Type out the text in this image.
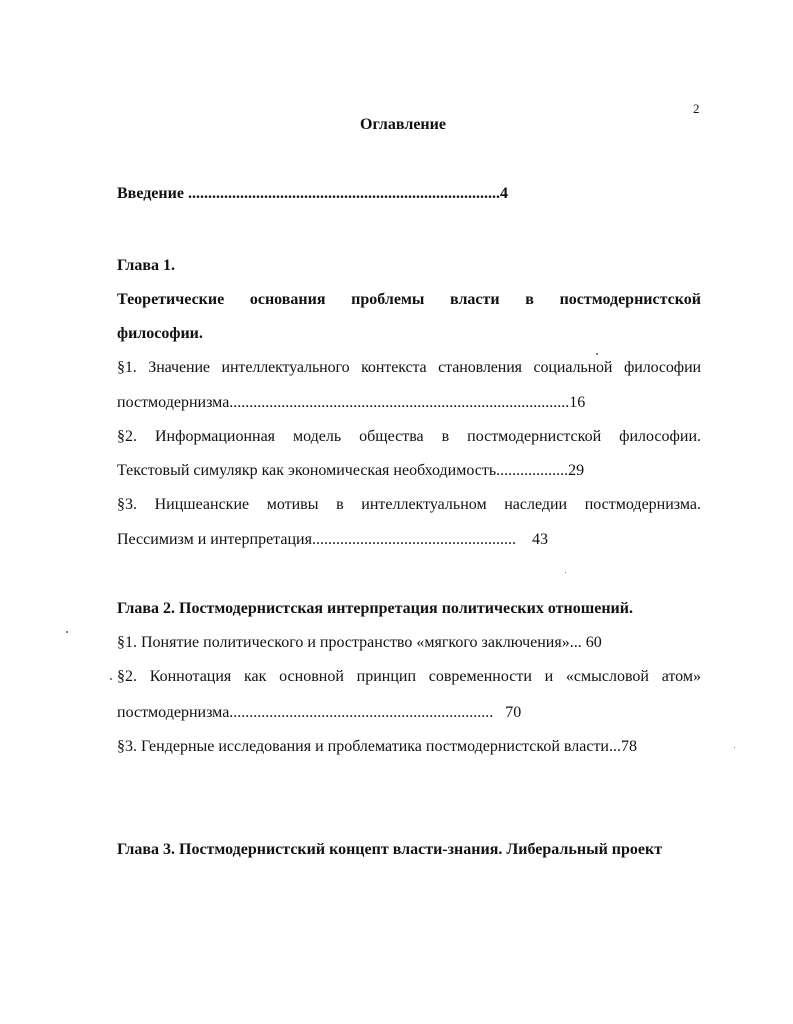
2
Оглавление
Введение ..............................................................................4
Глава 1.
Теоретические основания проблемы власти в постмодернистской
философии.
§1. Значение интеллектуального контекста становления социальной философии
постмодернизма.....................................................................................16
§2. Информационная модель общества в постмодернистской философии.
Текстовый симулякр как экономическая необходимость..................29
§3. Ницшеанские мотивы в интеллектуальном наследии постмодернизма.
Пессимизм и интерпретация...................................................    43
Глава 2. Постмодернистская интерпретация политических отношений.
§1. Понятие политического и пространство «мягкого заключения»... 60
§2. Коннотация как основной принцип современности и «смысловой атом»
постмодернизма..................................................................   70
§3. Гендерные исследования и проблематика постмодернистской власти...78
Глава 3. Постмодернистский концепт власти-знания. Либеральный проект
